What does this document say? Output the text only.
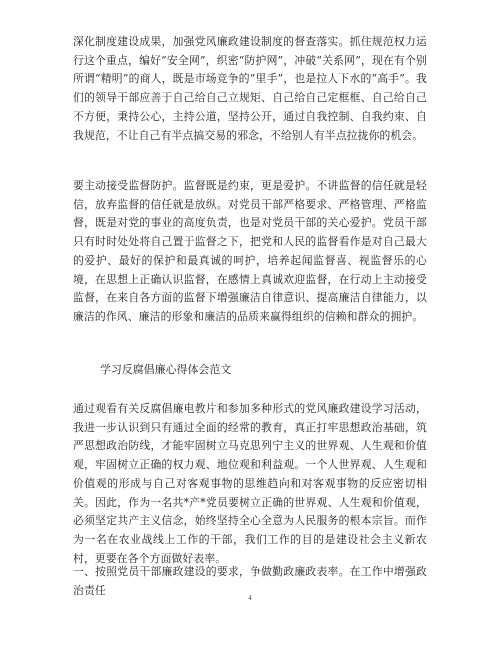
深化制度建设成果，加强党风廉政建设制度的督查落实。抓住规范权力运行这个重点，编好“安全网”，织密“防护网”，冲破“关系网”，现在有个别所谓“精明”的商人，既是市场竞争的“里手”，也是拉人下水的“高手”。我们的领导干部应善于自己给自己立规矩、自己给自己定框框、自己给自己不方便，秉持公心，主持公道，坚持公开，通过自我控制、自我约束、自我规范，不让自己有半点搞交易的邪念，不给别人有半点拉拢你的机会。

要主动接受监督防护。监督既是约束，更是爱护。不讲监督的信任就是轻信，放弃监督的信任就是放纵。对党员干部严格要求、严格管理、严格监督，既是对党的事业的高度负责，也是对党员干部的关心爱护。党员干部只有时时处处将自己置于监督之下，把党和人民的监督看作是对自己最大的爱护、最好的保护和最真诚的呵护，培养起闻监督喜、视监督乐的心境，在思想上正确认识监督，在感情上真诚欢迎监督，在行动上主动接受监督，在来自各方面的监督下增强廉洁自律意识、提高廉洁自律能力，以廉洁的作风、廉洁的形象和廉洁的品质来赢得组织的信赖和群众的拥护。

学习反腐倡廉心得体会范文

通过观看有关反腐倡廉电教片和参加多种形式的党风廉政建设学习活动，我进一步认识到只有通过全面的经常的教育，真正打牢思想政治基础，筑严思想政治防线，才能牢固树立马克思列宁主义的世界观、人生观和价值观，牢固树立正确的权力观、地位观和利益观。一个人世界观、人生观和价值观的形成与自己对客观事物的思维趋向和对客观事物的反应密切相关。因此，作为一名共*产*党员要树立正确的世界观、人生观和价值观，必须坚定共产主义信念，始终坚持全心全意为人民服务的根本宗旨。而作为一名在农业战线上工作的干部，我们工作的目的是建设社会主义新农村，更要在各个方面做好表率。

一、按照党员干部廉政建设的要求，争做勤政廉政表率。在工作中增强政治责任

4
